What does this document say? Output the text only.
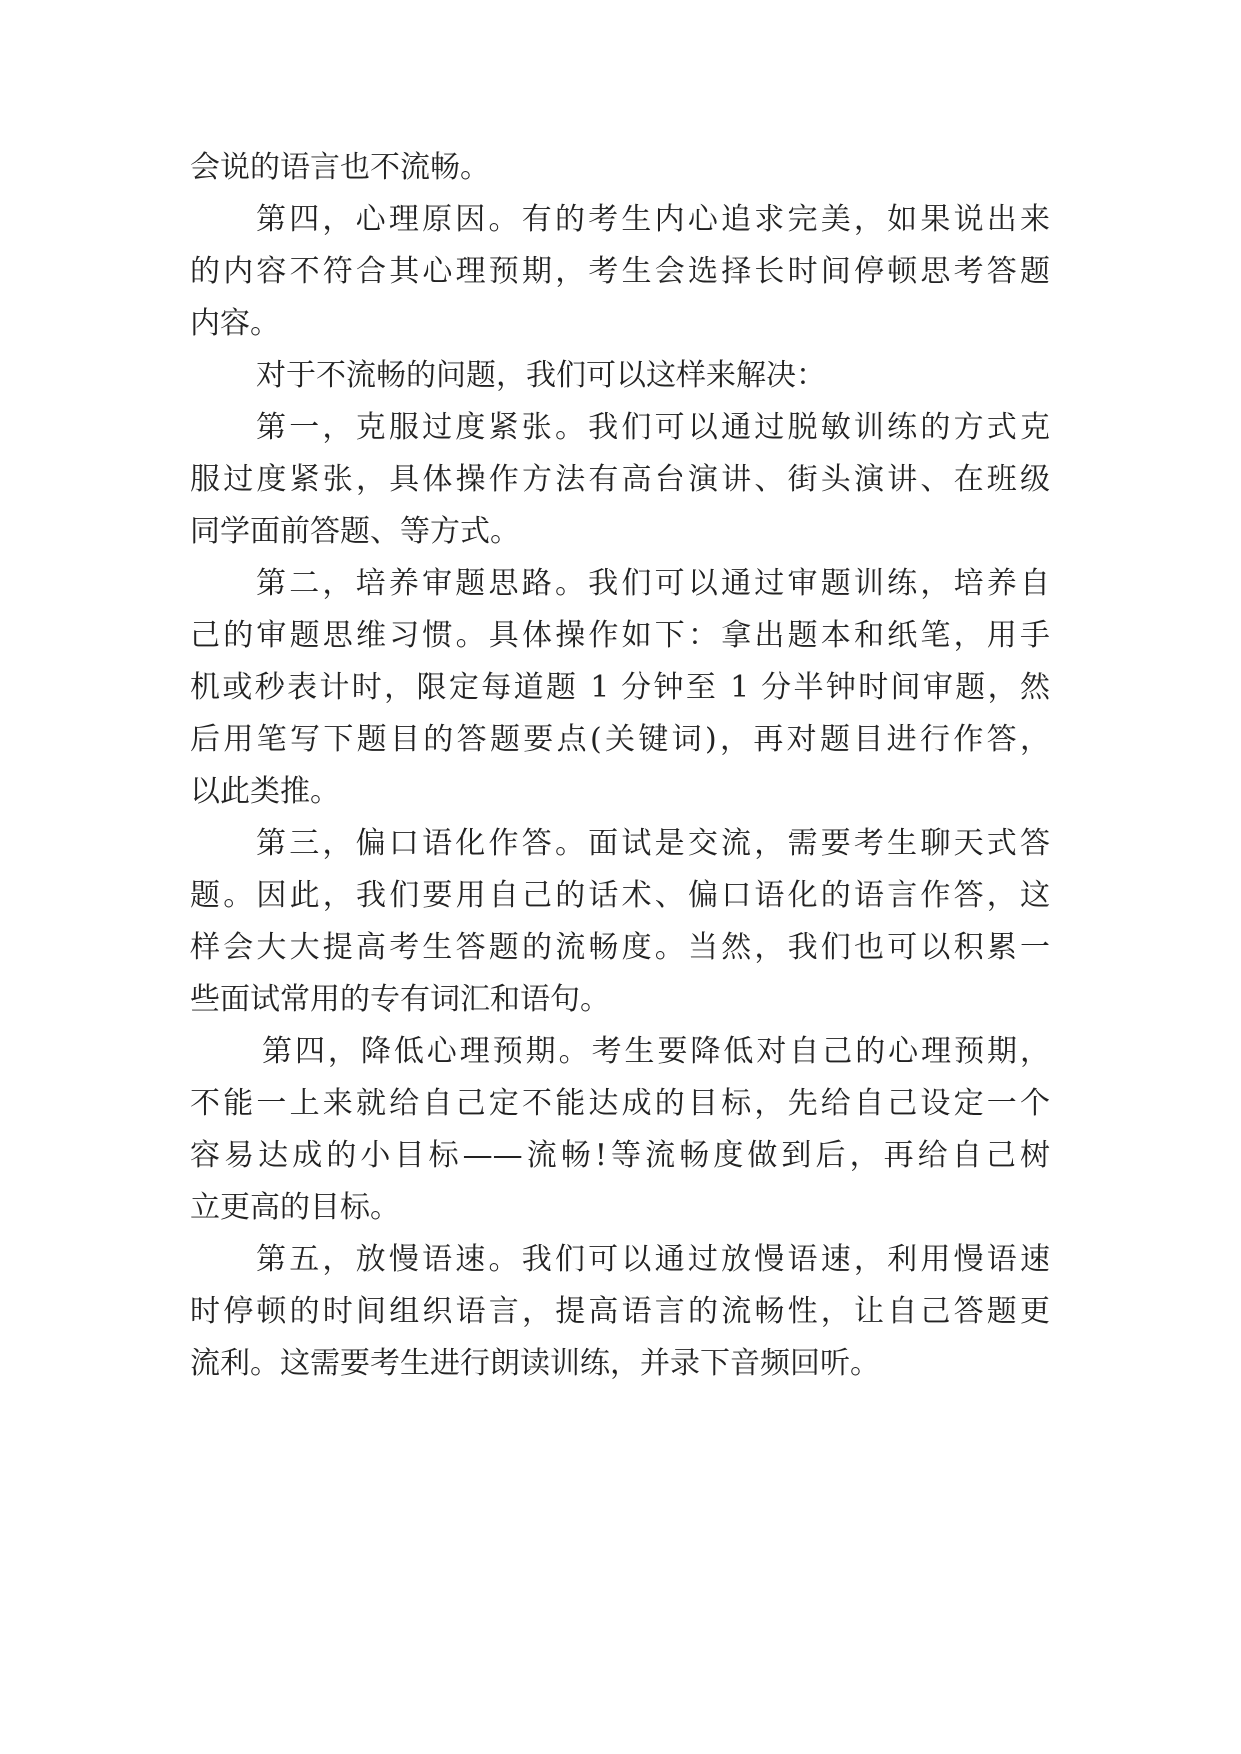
会说的语言也不流畅。
第四，心理原因。有的考生内心追求完美，如果说出来
的内容不符合其心理预期，考生会选择长时间停顿思考答题
内容。
对于不流畅的问题，我们可以这样来解决：
第一，克服过度紧张。我们可以通过脱敏训练的方式克
服过度紧张，具体操作方法有高台演讲、街头演讲、在班级
同学面前答题、等方式。
第二，培养审题思路。我们可以通过审题训练，培养自
己的审题思维习惯。具体操作如下：拿出题本和纸笔，用手
机或秒表计时，限定每道题 1 分钟至 1 分半钟时间审题，然
后用笔写下题目的答题要点(关键词)，再对题目进行作答，
以此类推。
第三，偏口语化作答。面试是交流，需要考生聊天式答
题。因此，我们要用自己的话术、偏口语化的语言作答，这
样会大大提高考生答题的流畅度。当然，我们也可以积累一
些面试常用的专有词汇和语句。
第四，降低心理预期。考生要降低对自己的心理预期，
不能一上来就给自己定不能达成的目标，先给自己设定一个
容易达成的小目标——流畅!等流畅度做到后，再给自己树
立更高的目标。
第五，放慢语速。我们可以通过放慢语速，利用慢语速
时停顿的时间组织语言，提高语言的流畅性，让自己答题更
流利。这需要考生进行朗读训练，并录下音频回听。
